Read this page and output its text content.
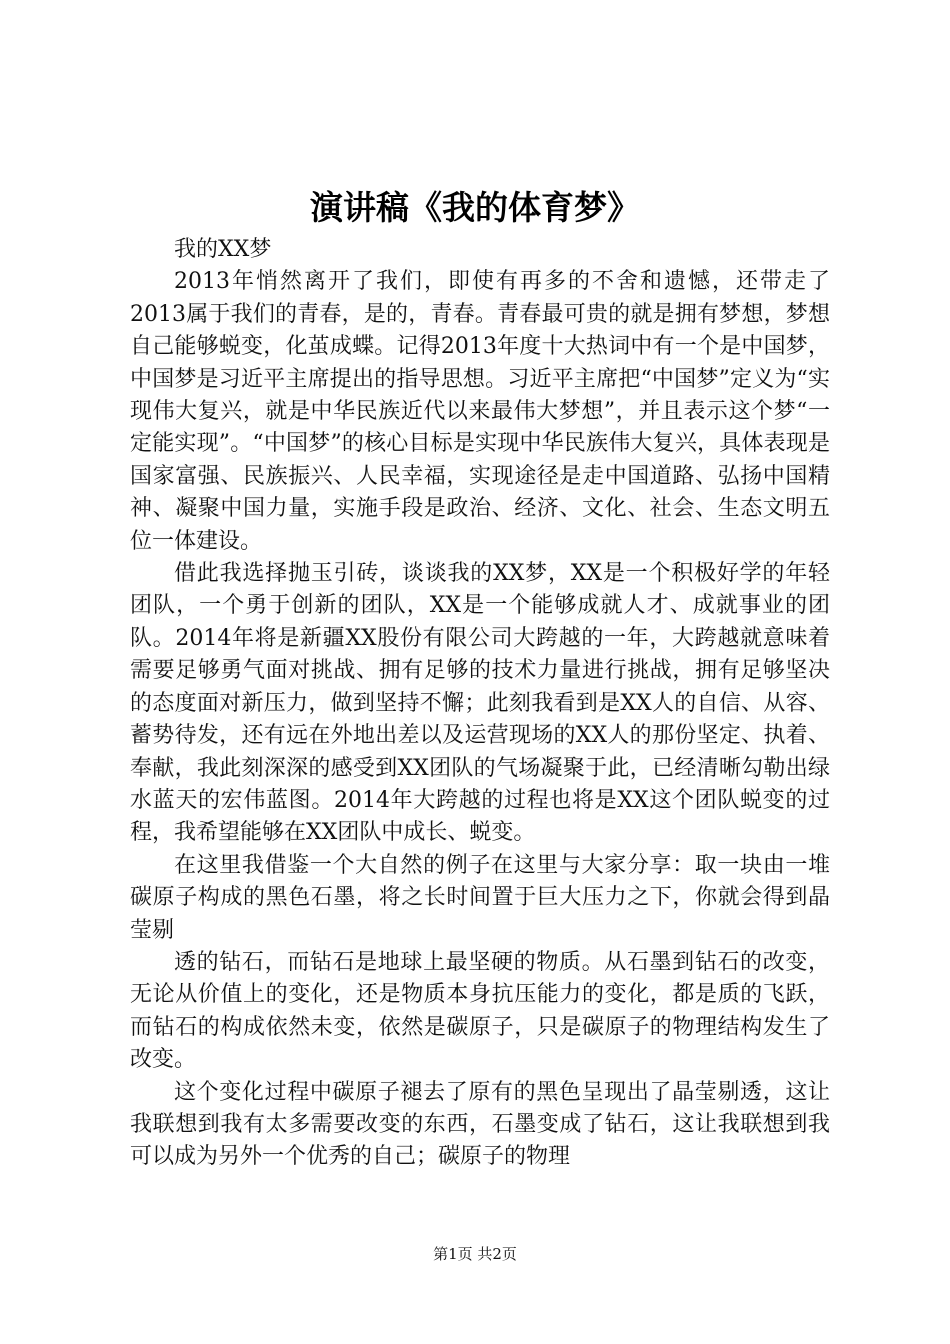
演讲稿《我的体育梦》

我的XX梦

2013年悄然离开了我们，即使有再多的不舍和遗憾，还带走了2013属于我们的青春，是的，青春。青春最可贵的就是拥有梦想，梦想自己能够蜕变，化茧成蝶。记得2013年度十大热词中有一个是中国梦，中国梦是习近平主席提出的指导思想。习近平主席把“中国梦”定义为“实现伟大复兴，就是中华民族近代以来最伟大梦想”，并且表示这个梦“一定能实现”。“中国梦”的核心目标是实现中华民族伟大复兴，具体表现是国家富强、民族振兴、人民幸福，实现途径是走中国道路、弘扬中国精神、凝聚中国力量，实施手段是政治、经济、文化、社会、生态文明五位一体建设。

借此我选择抛玉引砖，谈谈我的XX梦，XX是一个积极好学的年轻团队，一个勇于创新的团队，XX是一个能够成就人才、成就事业的团队。2014年将是新疆XX股份有限公司大跨越的一年，大跨越就意味着需要足够勇气面对挑战、拥有足够的技术力量进行挑战，拥有足够坚决的态度面对新压力，做到坚持不懈；此刻我看到是XX人的自信、从容、蓄势待发，还有远在外地出差以及运营现场的XX人的那份坚定、执着、奉献，我此刻深深的感受到XX团队的气场凝聚于此，已经清晰勾勒出绿水蓝天的宏伟蓝图。2014年大跨越的过程也将是XX这个团队蜕变的过程，我希望能够在XX团队中成长、蜕变。

在这里我借鉴一个大自然的例子在这里与大家分享：取一块由一堆碳原子构成的黑色石墨，将之长时间置于巨大压力之下，你就会得到晶莹剔

透的钻石，而钻石是地球上最坚硬的物质。从石墨到钻石的改变，无论从价值上的变化，还是物质本身抗压能力的变化，都是质的飞跃，而钻石的构成依然未变，依然是碳原子，只是碳原子的物理结构发生了改变。

这个变化过程中碳原子褪去了原有的黑色呈现出了晶莹剔透，这让我联想到我有太多需要改变的东西，石墨变成了钻石，这让我联想到我可以成为另外一个优秀的自己；碳原子的物理

第1页 共2页
